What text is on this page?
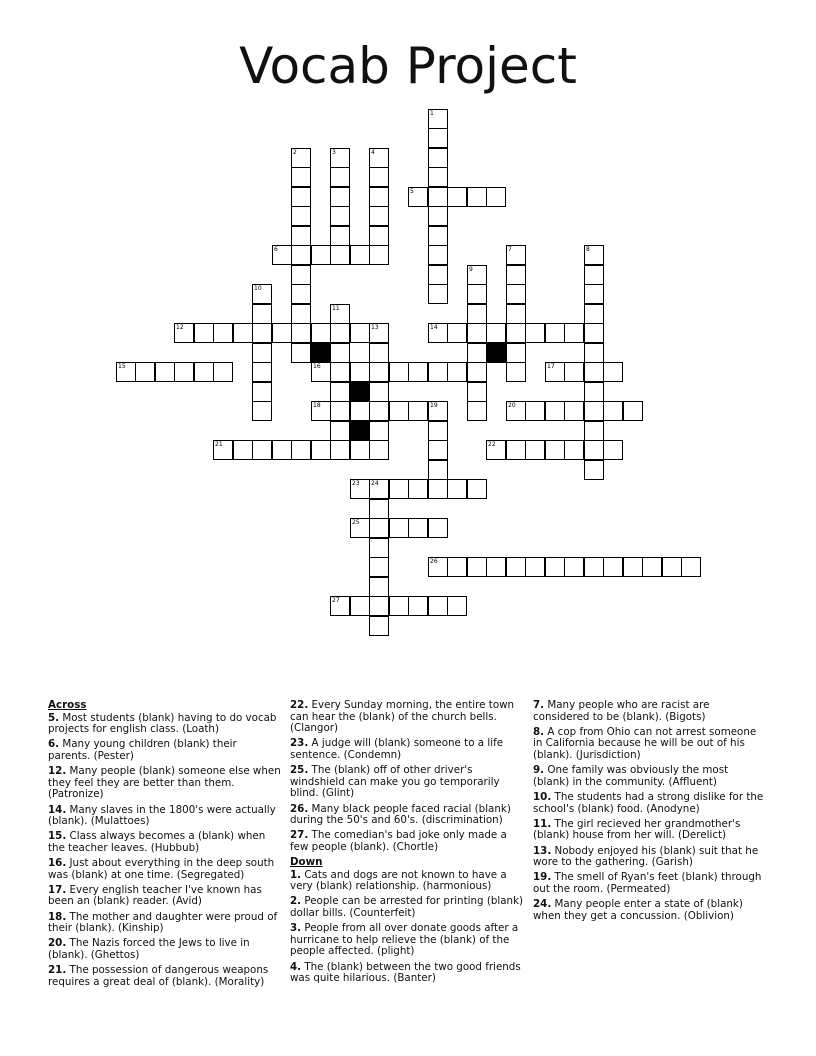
Vocab Project
1
2	3	4
5
6	7	8
9
10
11
12	13	14
15	16	17
18	19	20
21	22
23 24
25
26
27
Across
5. Most students (blank) having to do vocab projects for english class. (Loath)
6. Many young children (blank) their parents. (Pester)
12. Many people (blank) someone else when they feel they are better than them. (Patronize)
14. Many slaves in the 1800's were actually (blank). (Mulattoes)
15. Class always becomes a (blank) when the teacher leaves. (Hubbub)
16. Just about everything in the deep south was (blank) at one time. (Segregated)
17. Every english teacher I've known has been an (blank) reader. (Avid)
18. The mother and daughter were proud of their (blank). (Kinship)
20. The Nazis forced the Jews to live in (blank). (Ghettos)
21. The possession of dangerous weapons requires a great deal of (blank). (Morality)
22. Every Sunday morning, the entire town can hear the (blank) of the church bells. (Clangor)
23. A judge will (blank) someone to a life sentence. (Condemn)
25. The (blank) off of other driver's windshield can make you go temporarily blind. (Glint)
26. Many black people faced racial (blank) during the 50's and 60's. (discrimination)
27. The comedian's bad joke only made a few people (blank). (Chortle)
Down
1. Cats and dogs are not known to have a very (blank) relationship. (harmonious)
2. People can be arrested for printing (blank) dollar bills. (Counterfeit)
3. People from all over donate goods after a hurricane to help relieve the (blank) of the people affected. (plight)
4. The (blank) between the two good friends was quite hilarious. (Banter)
7. Many people who are racist are considered to be (blank). (Bigots)
8. A cop from Ohio can not arrest someone in California because he will be out of his (blank). (Jurisdiction)
9. One family was obviously the most (blank) in the community. (Affluent)
10. The students had a strong dislike for the school's (blank) food. (Anodyne)
11. The girl recieved her grandmother's (blank) house from her will. (Derelict)
13. Nobody enjoyed his (blank) suit that he wore to the gathering. (Garish)
19. The smell of Ryan's feet (blank) through out the room. (Permeated)
24. Many people enter a state of (blank) when they get a concussion. (Oblivion)
